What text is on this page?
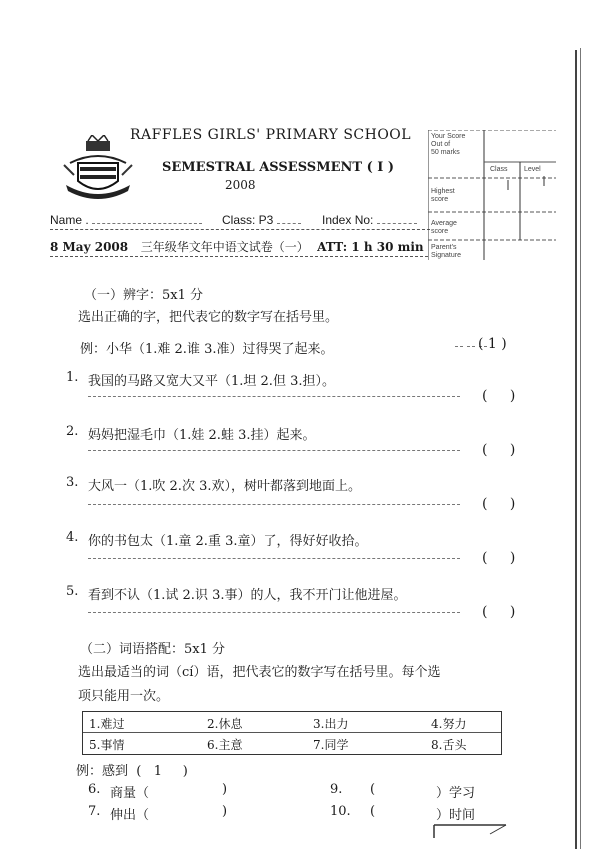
RAFFLES GIRLS' PRIMARY SCHOOL
SEMESTRAL ASSESSMENT ( I )
2008
Name .	Class: P3	Index No:
8 May 2008 三年级华文年中语文试卷（一） ATT: 1 h 30 min
Your Score
Out of
50 marks
Class Level
Highest
score
Average
score
Parent's
Signature
（一）辨字：5x1 分
选出正确的字，把代表它的数字写在括号里。
例：小华（1.难 2.谁 3.准）过得哭了起来。	( 1 )
1. 我国的马路又宽大又平（1.坦 2.但 3.担）。
( )
2. 妈妈把湿毛巾（1.娃 2.蛙 3.挂）起来。
( )
3. 大风一（1.吹 2.次 3.欢），树叶都落到地面上。
( )
4. 你的书包太（1.童 2.重 3.童）了，得好好收拾。
( )
5. 看到不认（1.试 2.识 3.事）的人，我不开门让他进屋。
( )
（二）词语搭配：5x1 分
选出最适当的词（cí）语，把代表它的数字写在括号里。每个选
项只能用一次。
1.难过	2.休息	3.出力	4.努力
5.事情	6.主意	7.同学	8.舌头
例：感到  (   1     )
6. 商量（	)
7. 伸出（	)
9. (	）学习
10. (	）时间
